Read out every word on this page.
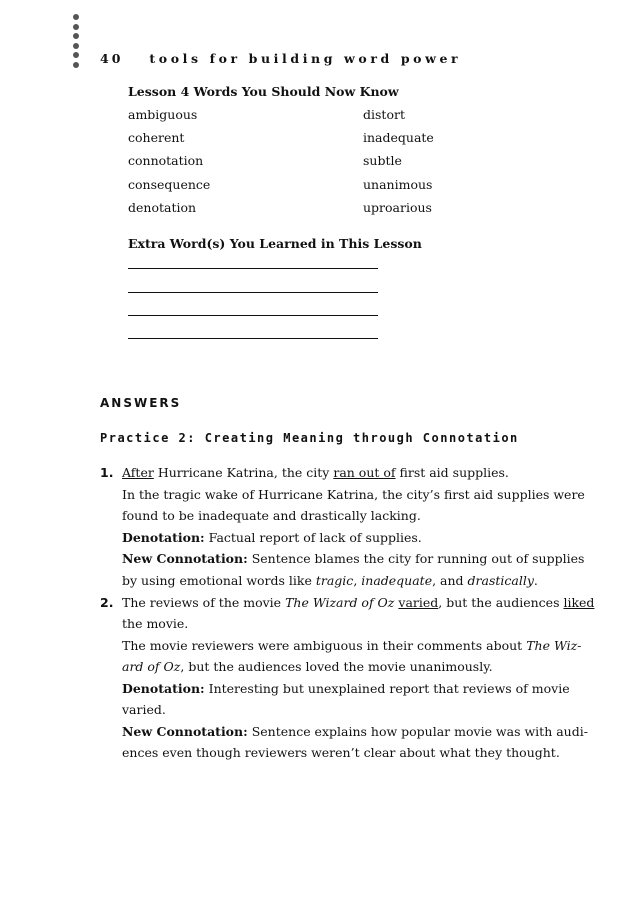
40 tools for building word power
Lesson 4 Words You Should Now Know
ambiguous
coherent
connotation
consequence
denotation
distort
inadequate
subtle
unanimous
uproarious
Extra Word(s) You Learned in This Lesson
ANSWERS
Practice 2: Creating Meaning through Connotation
1. After Hurricane Katrina, the city ran out of first aid supplies.
In the tragic wake of Hurricane Katrina, the city’s first aid supplies were
found to be inadequate and drastically lacking.
Denotation: Factual report of lack of supplies.
New Connotation: Sentence blames the city for running out of supplies
by using emotional words like tragic, inadequate, and drastically.
2. The reviews of the movie The Wizard of Oz varied, but the audiences liked
the movie.
The movie reviewers were ambiguous in their comments about The Wiz-
ard of Oz, but the audiences loved the movie unanimously.
Denotation: Interesting but unexplained report that reviews of movie
varied.
New Connotation: Sentence explains how popular movie was with audi-
ences even though reviewers weren’t clear about what they thought.
